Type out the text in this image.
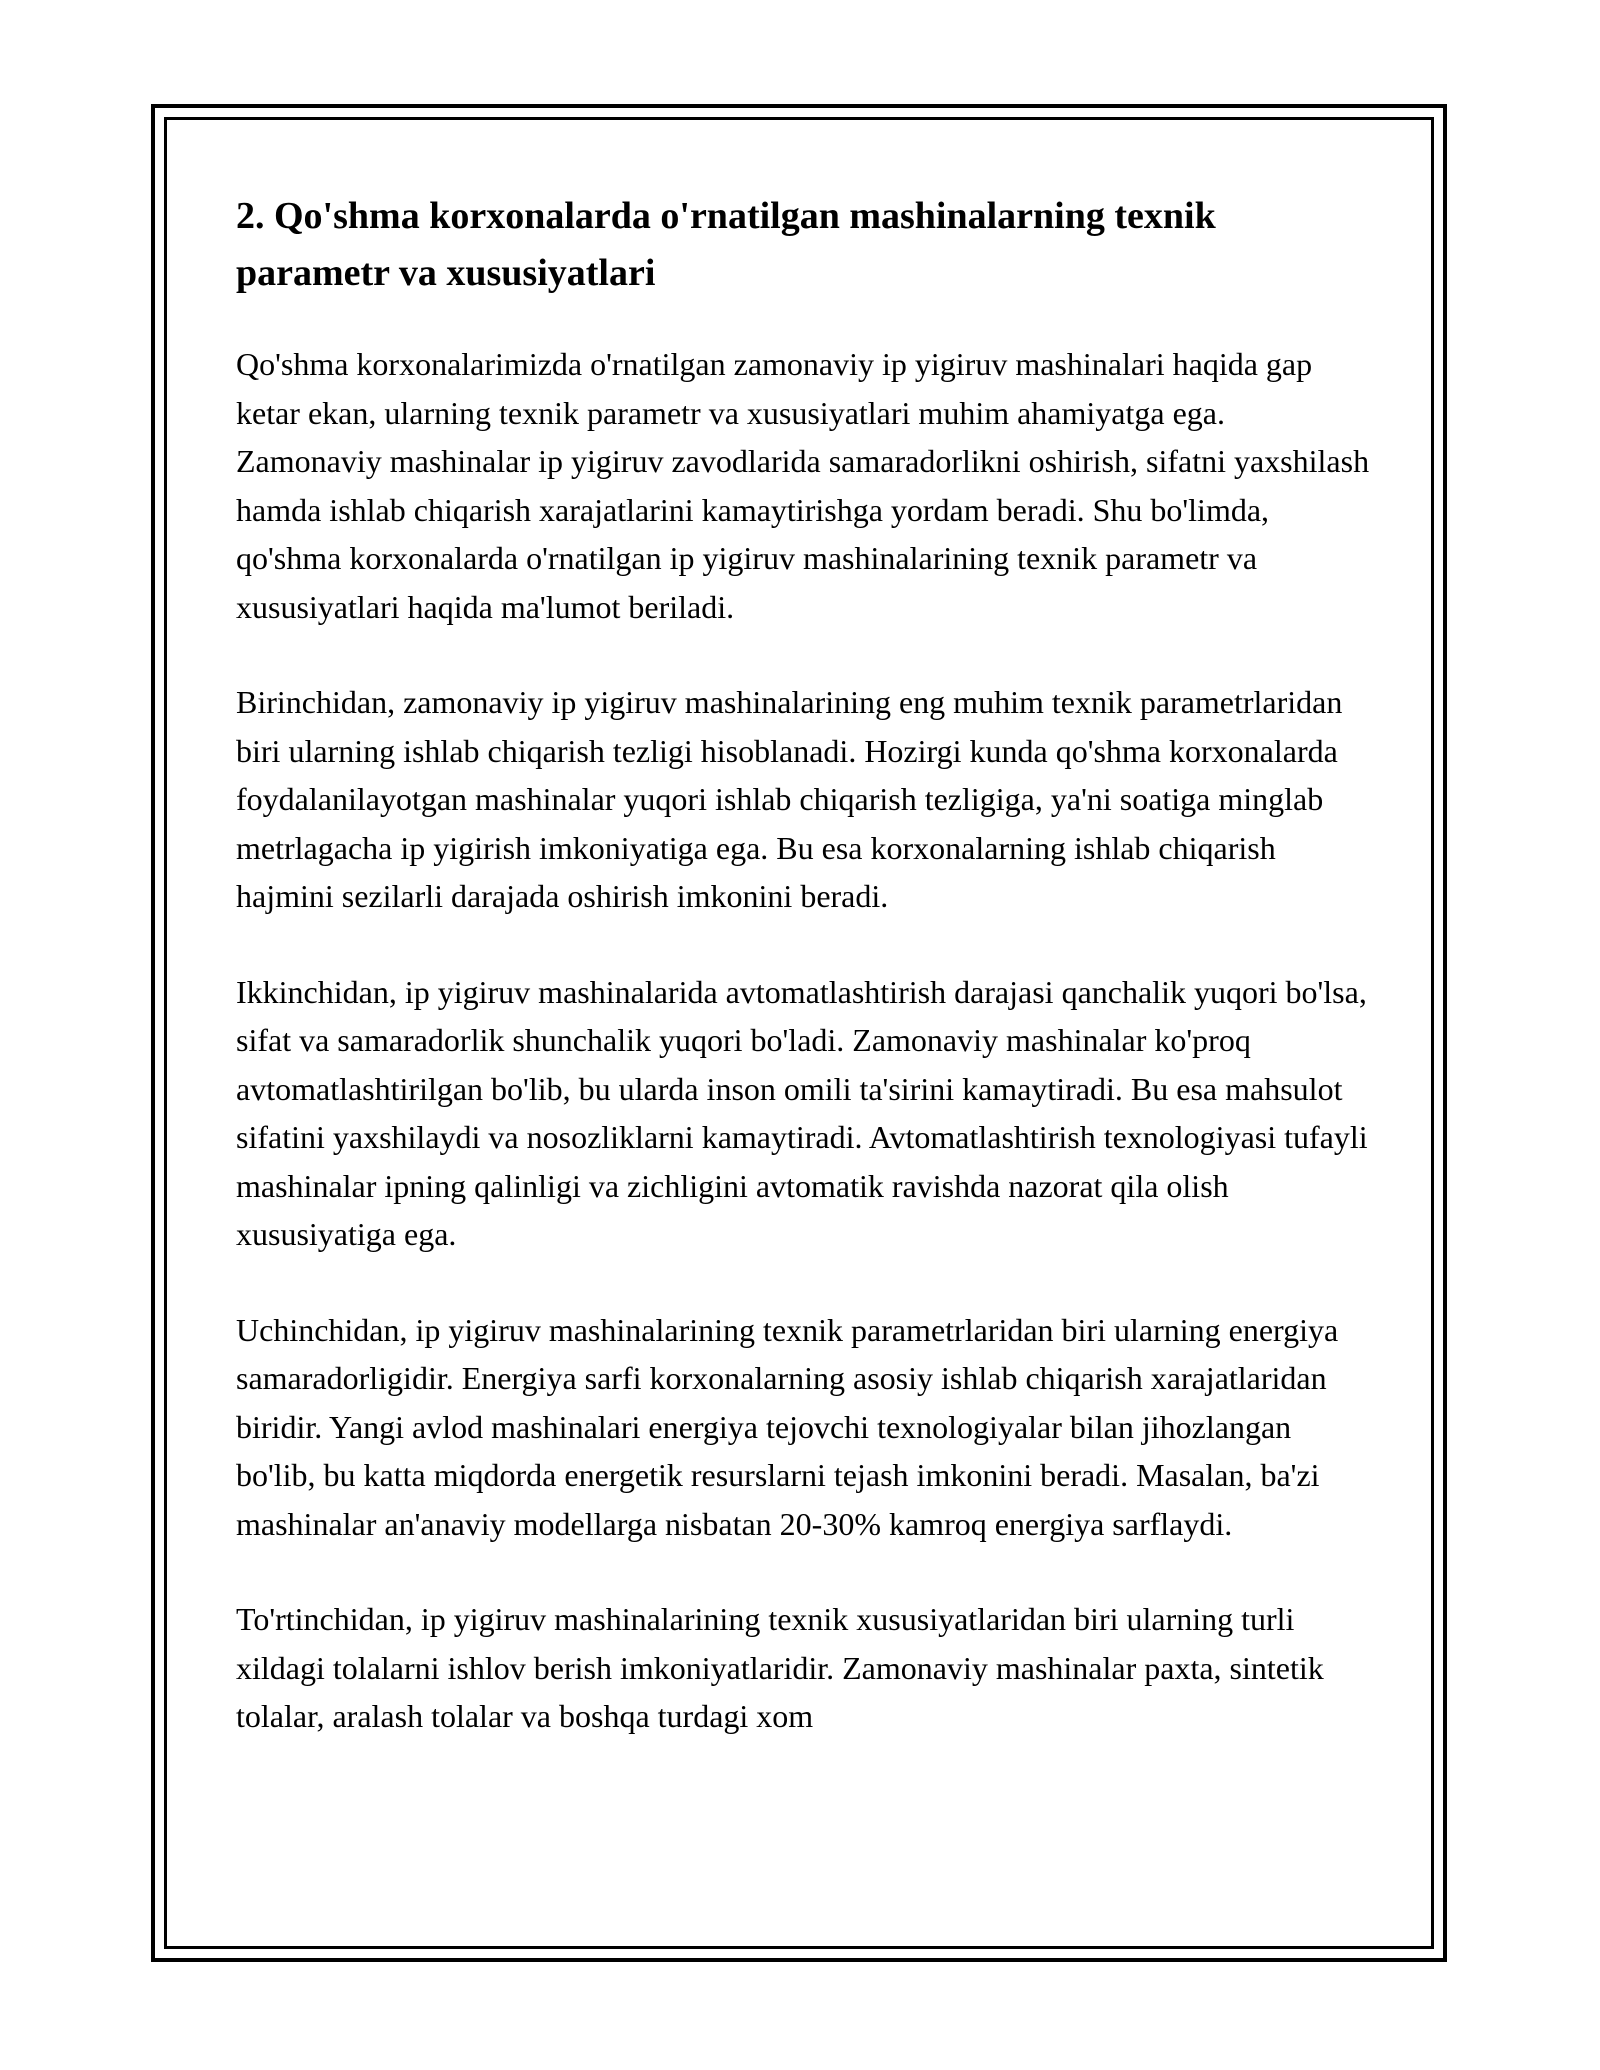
2. Qo'shma korxonalarda o'rnatilgan mashinalarning texnik parametr va xususiyatlari

Qo'shma korxonalarimizda o'rnatilgan zamonaviy ip yigiruv mashinalari haqida gap ketar ekan, ularning texnik parametr va xususiyatlari muhim ahamiyatga ega. Zamonaviy mashinalar ip yigiruv zavodlarida samaradorlikni oshirish, sifatni yaxshilash hamda ishlab chiqarish xarajatlarini kamaytirishga yordam beradi. Shu bo'limda, qo'shma korxonalarda o'rnatilgan ip yigiruv mashinalarining texnik parametr va xususiyatlari haqida ma'lumot beriladi.

Birinchidan, zamonaviy ip yigiruv mashinalarining eng muhim texnik parametrlaridan biri ularning ishlab chiqarish tezligi hisoblanadi. Hozirgi kunda qo'shma korxonalarda foydalanilayotgan mashinalar yuqori ishlab chiqarish tezligiga, ya'ni soatiga minglab metrlagacha ip yigirish imkoniyatiga ega. Bu esa korxonalarning ishlab chiqarish hajmini sezilarli darajada oshirish imkonini beradi.

Ikkinchidan, ip yigiruv mashinalarida avtomatlashtirish darajasi qanchalik yuqori bo'lsa, sifat va samaradorlik shunchalik yuqori bo'ladi. Zamonaviy mashinalar ko'proq avtomatlashtirilgan bo'lib, bu ularda inson omili ta'sirini kamaytiradi. Bu esa mahsulot sifatini yaxshilaydi va nosozliklarni kamaytiradi. Avtomatlashtirish texnologiyasi tufayli mashinalar ipning qalinligi va zichligini avtomatik ravishda nazorat qila olish xususiyatiga ega.

Uchinchidan, ip yigiruv mashinalarining texnik parametrlaridan biri ularning energiya samaradorligidir. Energiya sarfi korxonalarning asosiy ishlab chiqarish xarajatlaridan biridir. Yangi avlod mashinalari energiya tejovchi texnologiyalar bilan jihozlangan bo'lib, bu katta miqdorda energetik resurslarni tejash imkonini beradi. Masalan, ba'zi mashinalar an'anaviy modellarga nisbatan 20-30% kamroq energiya sarflaydi.

To'rtinchidan, ip yigiruv mashinalarining texnik xususiyatlaridan biri ularning turli xildagi tolalarni ishlov berish imkoniyatlaridir. Zamonaviy mashinalar paxta, sintetik tolalar, aralash tolalar va boshqa turdagi xom
